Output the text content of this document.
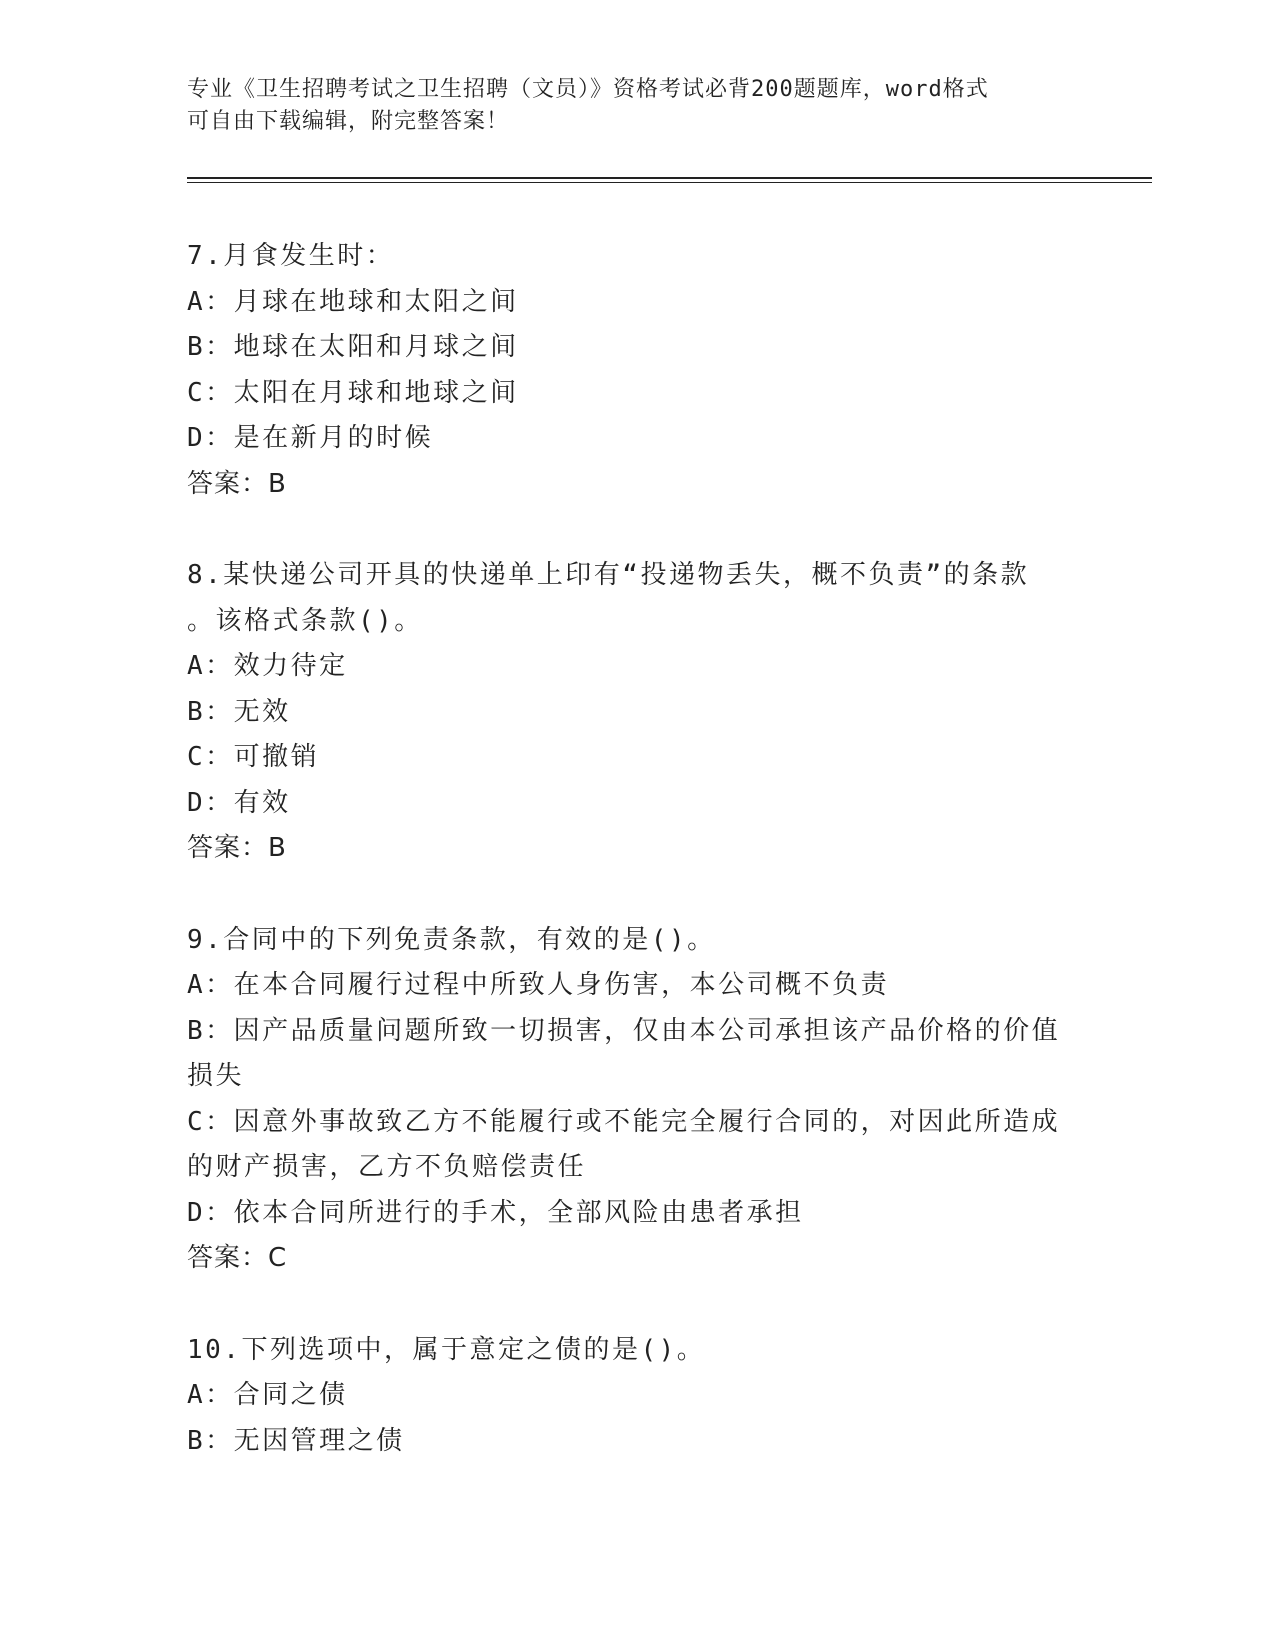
专业《卫生招聘考试之卫生招聘（文员）》资格考试必背200题题库，word格式

可自由下载编辑，附完整答案！

7.月食发生时：
A：月球在地球和太阳之间
B：地球在太阳和月球之间
C：太阳在月球和地球之间
D：是在新月的时候
答案：B
8.某快递公司开具的快递单上印有“投递物丢失，概不负责”的条款
。该格式条款()。
A：效力待定
B：无效
C：可撤销
D：有效
答案：B
9.合同中的下列免责条款，有效的是()。
A：在本合同履行过程中所致人身伤害，本公司概不负责
B：因产品质量问题所致一切损害，仅由本公司承担该产品价格的价值
损失
C：因意外事故致乙方不能履行或不能完全履行合同的，对因此所造成
的财产损害，乙方不负赔偿责任
D：依本合同所进行的手术，全部风险由患者承担
答案：C
10.下列选项中，属于意定之债的是()。
A：合同之债
B：无因管理之债
